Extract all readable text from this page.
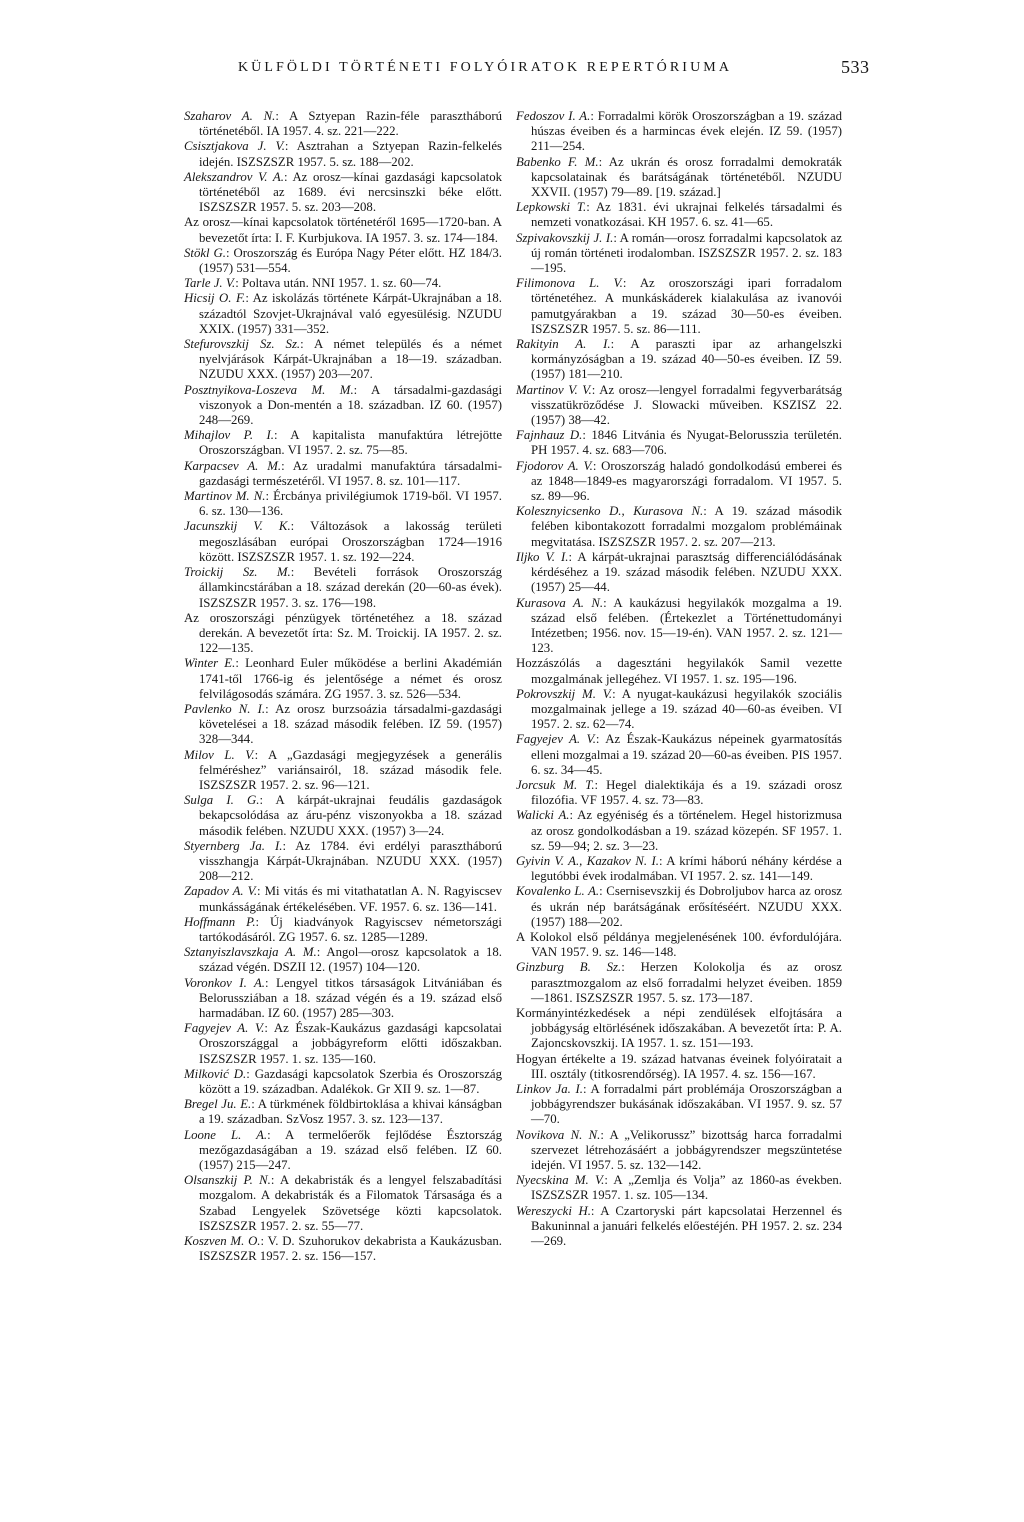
KÜLFÖLDI TÖRTÉNETI FOLYÓIRATOK REPERTÓRIUMA	533

Szaharov A. N.: A Sztyepan Razin-féle parasztháború történetéből. IA 1957. 4. sz. 221—222.

Csisztjakova J. V.: Asztrahan a Sztyepan Razin-felkelés idején. ISZSZSZR 1957. 5. sz. 188—202.

Alekszandrov V. A.: Az orosz—kínai gazdasági kapcsolatok történetéből az 1689. évi nercsinszki béke előtt. ISZSZSZR 1957. 5. sz. 203—208.

Az orosz—kínai kapcsolatok történetéről 1695—1720-ban. A bevezetőt írta: I. F. Kurbjukova. IA 1957. 3. sz. 174—184.

Stökl G.: Oroszország és Európa Nagy Péter előtt. HZ 184/3. (1957) 531—554.

Tarle J. V.: Poltava után. NNI 1957. 1. sz. 60—74.

Hicsij O. F.: Az iskolázás története Kárpát-Ukrajnában a 18. századtól Szovjet-Ukrajnával való egyesülésig. NZUDU XXIX. (1957) 331—352.

Stefurovszkij Sz. Sz.: A német település és a német nyelvjárások Kárpát-Ukrajnában a 18—19. században. NZUDU XXX. (1957) 203—207.

Posztnyikova-Loszeva M. M.: A társadalmi-gazdasági viszonyok a Don-mentén a 18. században. IZ 60. (1957) 248—269.

Mihajlov P. I.: A kapitalista manufaktúra létrejötte Oroszországban. VI 1957. 2. sz. 75—85.

Karpacsev A. M.: Az uradalmi manufaktúra társadalmi-gazdasági természetéről. VI 1957. 8. sz. 101—117.

Martinov M. N.: Ércbánya privilégiumok 1719-ből. VI 1957. 6. sz. 130—136.

Jacunszkij V. K.: Változások a lakosság területi megoszlásában európai Oroszországban 1724—1916 között. ISZSZSZR 1957. 1. sz. 192—224.

Troickij Sz. M.: Bevételi források Oroszország államkincstárában a 18. század derekán (20—60-as évek). ISZSZSZR 1957. 3. sz. 176—198.

Az oroszországi pénzügyek történetéhez a 18. század derekán. A bevezetőt írta: Sz. M. Troickij. IA 1957. 2. sz. 122—135.

Winter E.: Leonhard Euler működése a berlini Akadémián 1741-től 1766-ig és jelentősége a német és orosz felvilágosodás számára. ZG 1957. 3. sz. 526—534.

Pavlenko N. I.: Az orosz burzsoázia társadalmi-gazdasági követelései a 18. század második felében. IZ 59. (1957) 328—344.

Milov L. V.: A „Gazdasági megjegyzések a generális felméréshez” variánsairól, 18. század második fele. ISZSZSZR 1957. 2. sz. 96—121.

Sulga I. G.: A kárpát-ukrajnai feudális gazdaságok bekapcsolódása az áru-pénz viszonyokba a 18. század második felében. NZUDU XXX. (1957) 3—24.

Styernberg Ja. I.: Az 1784. évi erdélyi parasztháború visszhangja Kárpát-Ukrajnában. NZUDU XXX. (1957) 208—212.

Zapadov A. V.: Mi vitás és mi vitathatatlan A. N. Ragyiscsev munkásságának értékelésében. VF. 1957. 6. sz. 136—141.

Hoffmann P.: Új kiadványok Ragyiscsev németországi tartókodásáról. ZG 1957. 6. sz. 1285—1289.

Sztanyiszlavszkaja A. M.: Angol—orosz kapcsolatok a 18. század végén. DSZII 12. (1957) 104—120.

Voronkov I. A.: Lengyel titkos társaságok Litvániában és Belorussziában a 18. század végén és a 19. század első harmadában. IZ 60. (1957) 285—303.

Fagyejev A. V.: Az Észak-Kaukázus gazdasági kapcsolatai Oroszországgal a jobbágyreform előtti időszakban. ISZSZSZR 1957. 1. sz. 135—160.

Milković D.: Gazdasági kapcsolatok Szerbia és Oroszország között a 19. században. Adalékok. Gr XII 9. sz. 1—87.

Bregel Ju. E.: A türkmének földbirtoklása a khivai kánságban a 19. században. SzVosz 1957. 3. sz. 123—137.

Loone L. A.: A termelőerők fejlődése Észtország mezőgazdaságában a 19. század első felében. IZ 60. (1957) 215—247.

Olsanszkij P. N.: A dekabristák és a lengyel felszabadítási mozgalom. A dekabristák és a Filomatok Társasága és a Szabad Lengyelek Szövetsége közti kapcsolatok. ISZSZSZR 1957. 2. sz. 55—77.

Koszven M. O.: V. D. Szuhorukov dekabrista a Kaukázusban. ISZSZSZR 1957. 2. sz. 156—157.

Fedoszov I. A.: Forradalmi körök Oroszországban a 19. század húszas éveiben és a harmincas évek elején. IZ 59. (1957) 211—254.

Babenko F. M.: Az ukrán és orosz forradalmi demokraták kapcsolatainak és barátságának történetéből. NZUDU XXVII. (1957) 79—89. [19. század.]

Lepkowski T.: Az 1831. évi ukrajnai felkelés társadalmi és nemzeti vonatkozásai. KH 1957. 6. sz. 41—65.

Szpivakovszkij J. I.: A román—orosz forradalmi kapcsolatok az új román történeti irodalomban. ISZSZSZR 1957. 2. sz. 183—195.

Filimonova L. V.: Az oroszországi ipari forradalom történetéhez. A munkáskáderek kialakulása az ivanovói pamutgyárakban a 19. század 30—50-es éveiben. ISZSZSZR 1957. 5. sz. 86—111.

Rakityin A. I.: A paraszti ipar az arhangelszki kormányzóságban a 19. század 40—50-es éveiben. IZ 59. (1957) 181—210.

Martinov V. V.: Az orosz—lengyel forradalmi fegyverbarátság visszatükröződése J. Slowacki műveiben. KSZISZ 22. (1957) 38—42.

Fajnhauz D.: 1846 Litvánia és Nyugat-Belorusszia területén. PH 1957. 4. sz. 683—706.

Fjodorov A. V.: Oroszország haladó gondolkodású emberei és az 1848—1849-es magyarországi forradalom. VI 1957. 5. sz. 89—96.

Kolesznyicsenko D., Kurasova N.: A 19. század második felében kibontakozott forradalmi mozgalom problémáinak megvitatása. ISZSZSZR 1957. 2. sz. 207—213.

Iljko V. I.: A kárpát-ukrajnai parasztság differenciálódásának kérdéséhez a 19. század második felében. NZUDU XXX. (1957) 25—44.

Kurasova A. N.: A kaukázusi hegyilakók mozgalma a 19. század első felében. (Értekezlet a Történettudományi Intézetben; 1956. nov. 15—19-én). VAN 1957. 2. sz. 121—123.

Hozzászólás a dagesztáni hegyilakók Samil vezette mozgalmának jellegéhez. VI 1957. 1. sz. 195—196.

Pokrovszkij M. V.: A nyugat-kaukázusi hegyilakók szociális mozgalmainak jellege a 19. század 40—60-as éveiben. VI 1957. 2. sz. 62—74.

Fagyejev A. V.: Az Észak-Kaukázus népeinek gyarmatosítás elleni mozgalmai a 19. század 20—60-as éveiben. PIS 1957. 6. sz. 34—45.

Jorcsuk M. T.: Hegel dialektikája és a 19. századi orosz filozófia. VF 1957. 4. sz. 73—83.

Walicki A.: Az egyéniség és a történelem. Hegel historizmusa az orosz gondolkodásban a 19. század közepén. SF 1957. 1. sz. 59—94; 2. sz. 3—23.

Gyivin V. A., Kazakov N. I.: A krími háború néhány kérdése a legutóbbi évek irodalmában. VI 1957. 2. sz. 141—149.

Kovalenko L. A.: Csernisevszkij és Dobroljubov harca az orosz és ukrán nép barátságának erősítéséért. NZUDU XXX. (1957) 188—202.

A Kolokol első példánya megjelenésének 100. évfordulójára. VAN 1957. 9. sz. 146—148.

Ginzburg B. Sz.: Herzen Kolokolja és az orosz parasztmozgalom az első forradalmi helyzet éveiben. 1859—1861. ISZSZSZR 1957. 5. sz. 173—187.

Kormányintézkedések a népi zendülések elfojtására a jobbágyság eltörlésének időszakában. A bevezetőt írta: P. A. Zajoncskovszkij. IA 1957. 1. sz. 151—193.

Hogyan értékelte a 19. század hatvanas éveinek folyóiratait a III. osztály (titkosrendőrség). IA 1957. 4. sz. 156—167.

Linkov Ja. I.: A forradalmi párt problémája Oroszországban a jobbágyrendszer bukásának időszakában. VI 1957. 9. sz. 57—70.

Novikova N. N.: A „Velikorussz” bizottság harca forradalmi szervezet létrehozásáért a jobbágyrendszer megszüntetése idején. VI 1957. 5. sz. 132—142.

Nyecskina M. V.: A „Zemlja és Volja” az 1860-as években. ISZSZSZR 1957. 1. sz. 105—134.

Wereszycki H.: A Czartoryski párt kapcsolatai Herzennel és Bakuninnal a januári felkelés előestéjén. PH 1957. 2. sz. 234—269.
